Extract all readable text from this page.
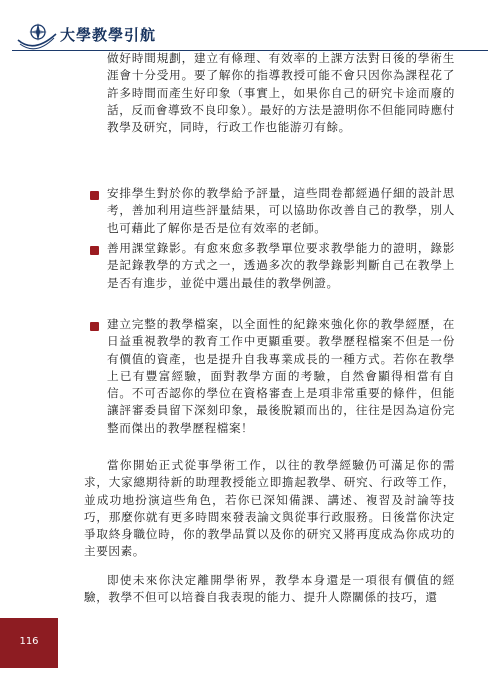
大學教學引航

做好時間規劃，建立有條理、有效率的上課方法對日後的學術生涯會十分受用。要了解你的指導教授可能不會只因你為課程花了許多時間而產生好印象（事實上，如果你自己的研究卡途而廢的話，反而會導致不良印象）。最好的方法是證明你不但能同時應付教學及研究，同時，行政工作也能游刃有餘。

安排學生對於你的教學給予評量，這些問卷都經過仔細的設計思考，善加利用這些評量結果，可以協助你改善自己的教學，別人也可藉此了解你是否是位有效率的老師。

善用課堂錄影。有愈來愈多教學單位要求教學能力的證明，錄影是記錄教學的方式之一，透過多次的教學錄影判斷自己在教學上是否有進步，並從中選出最佳的教學例證。

建立完整的教學檔案，以全面性的紀錄來強化你的教學經歷，在日益重視教學的教育工作中更顯重要。教學歷程檔案不但是一份有價值的資產，也是提升自我專業成長的一種方式。若你在教學上已有豐富經驗，面對教學方面的考驗，自然會顯得相當有自信。不可否認你的學位在資格審查上是項非常重要的條件，但能讓評審委員留下深刻印象，最後脫穎而出的，往往是因為這份完整而傑出的教學歷程檔案！

當你開始正式從事學術工作，以往的教學經驗仍可滿足你的需求，大家總期待新的助理教授能立即擔起教學、研究、行政等工作，並成功地扮演這些角色，若你已深知備課、講述、複習及討論等技巧，那麼你就有更多時間來發表論文與從事行政服務。日後當你決定爭取終身職位時，你的教學品質以及你的研究又將再度成為你成功的主要因素。

即使未來你決定離開學術界，教學本身還是一項很有價值的經驗，教學不但可以培養自我表現的能力、提升人際關係的技巧，還

116
